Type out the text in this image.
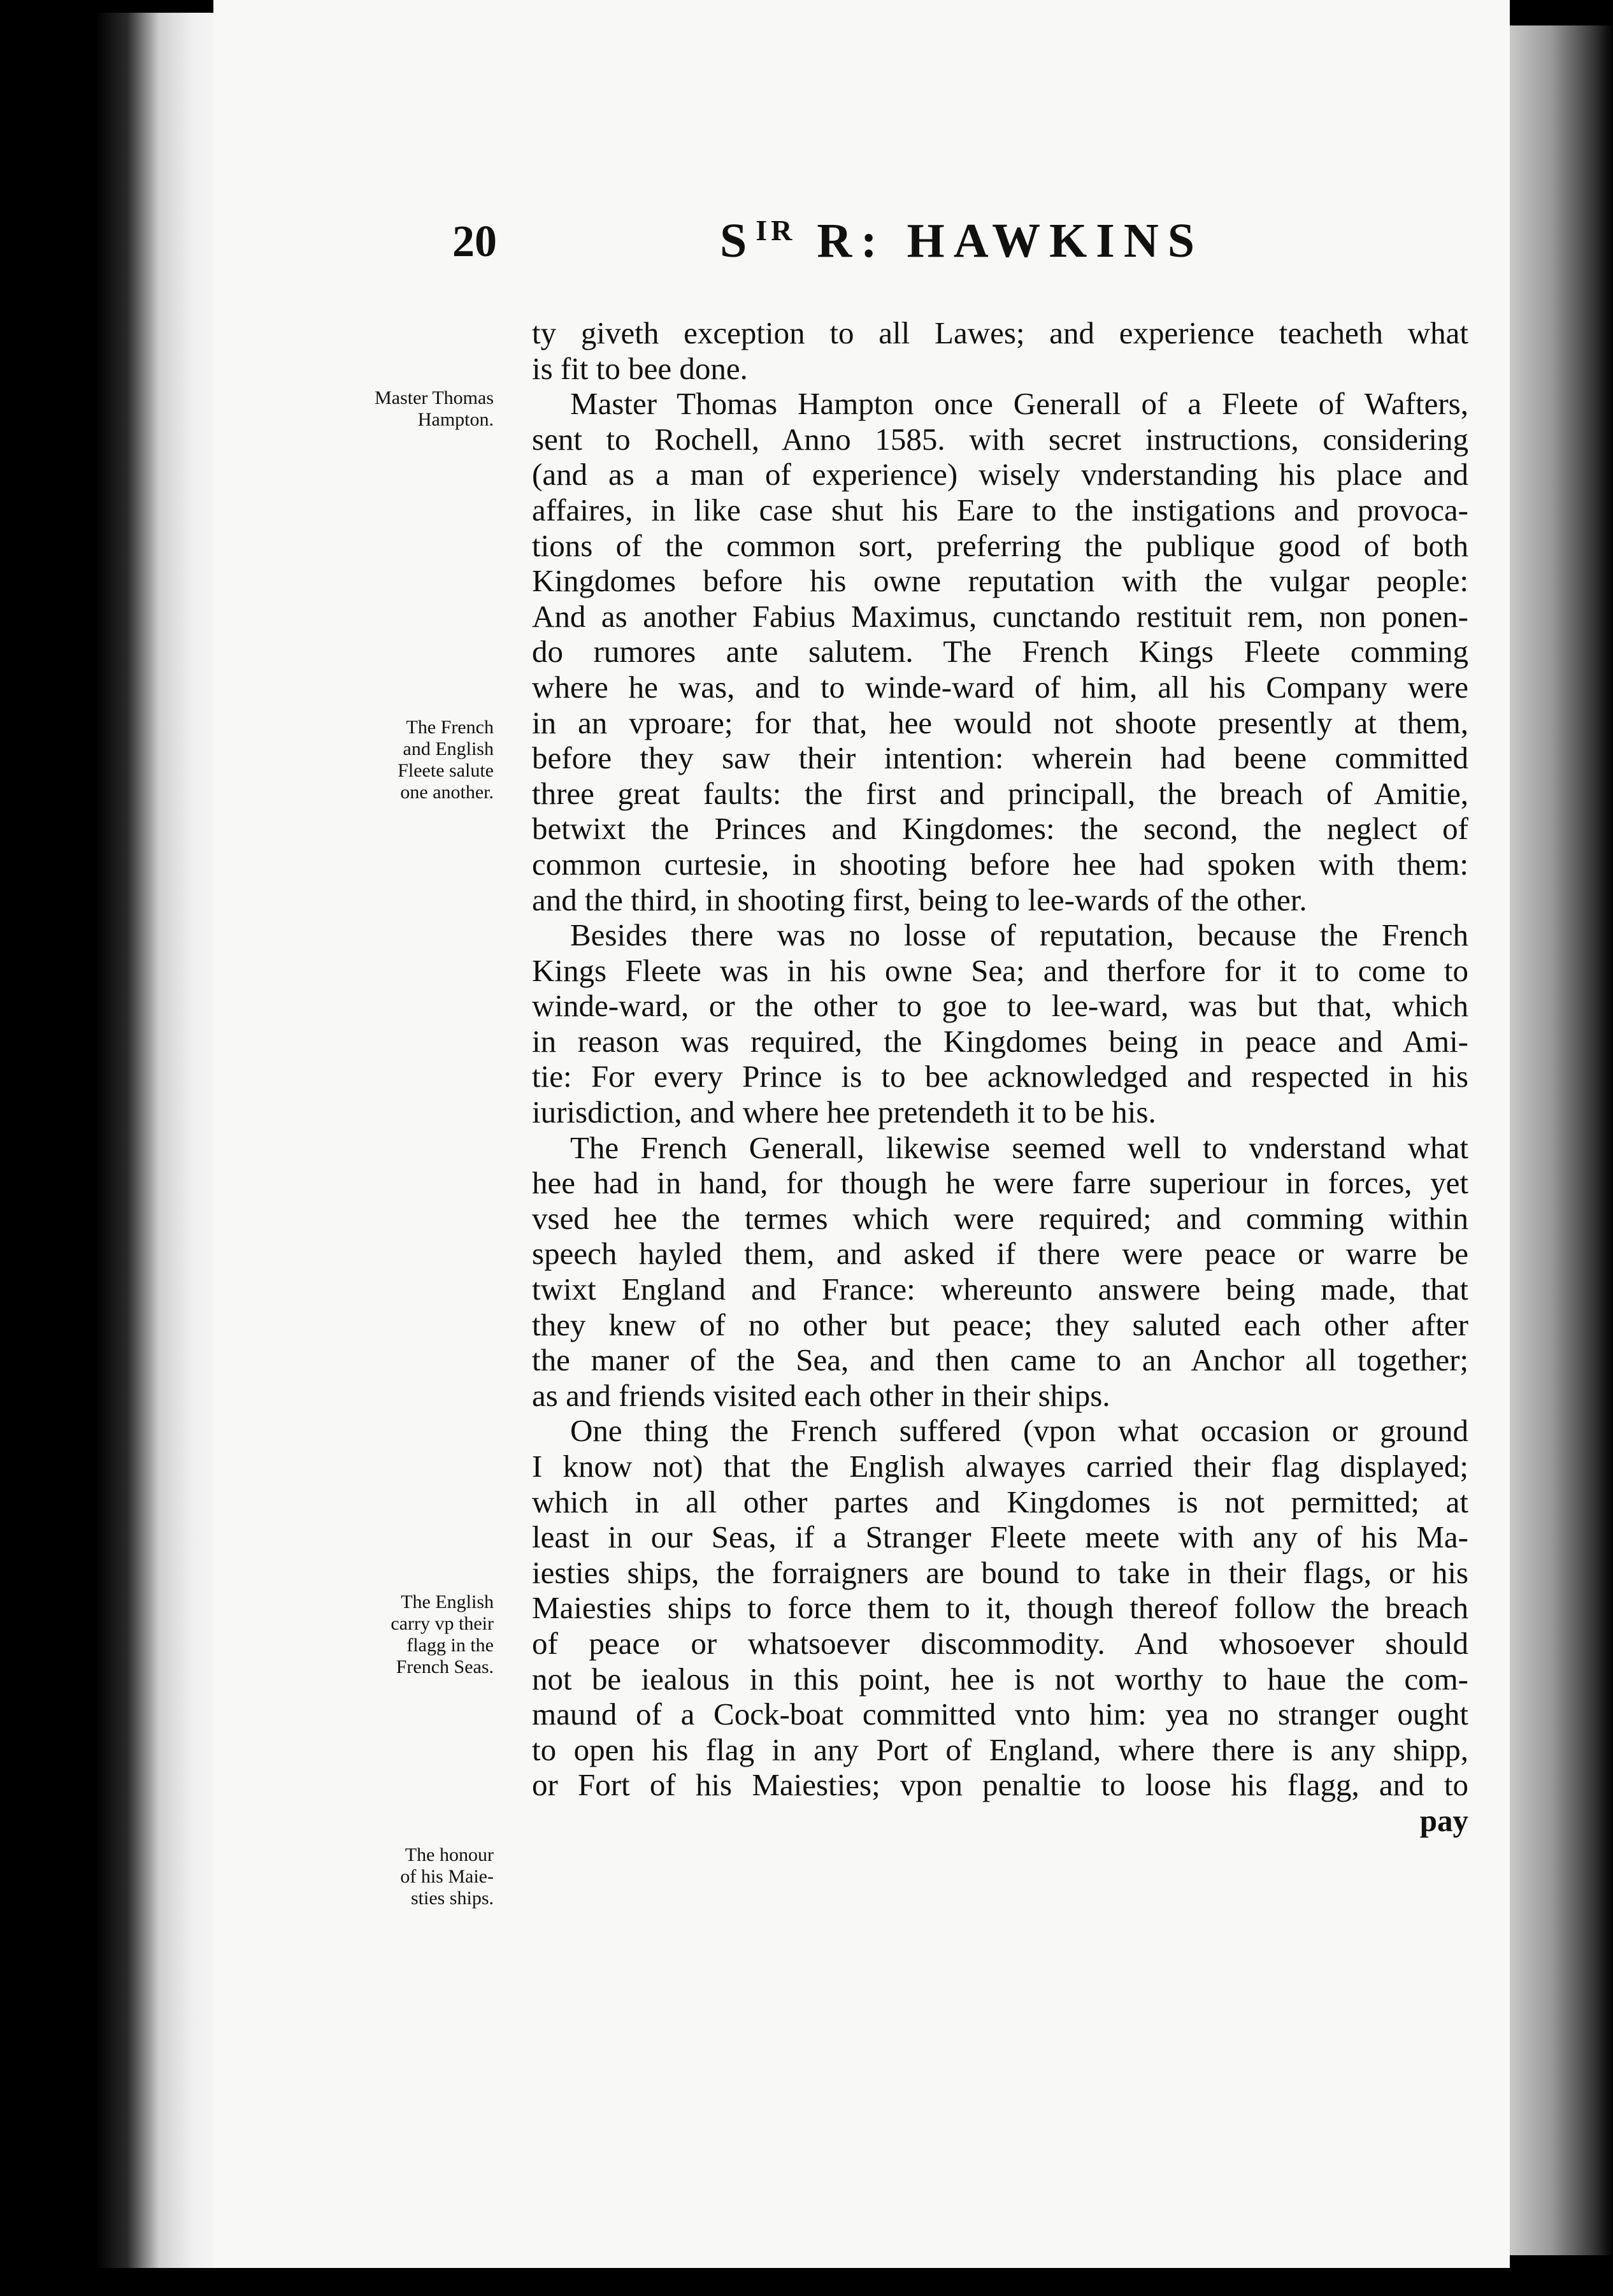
20	$S^{IR}$ R: HAWKINS
Master Thomas
Hampton.
The French
and English
Fleete salute
one another.
The English
carry vp their
flagg in the
French Seas.
The honour
of his Maie-
sties ships.
ty giveth exception to all Lawes; and experience teacheth what
is fit to bee done.
Master Thomas Hampton once Generall of a Fleete of Wafters,
sent to Rochell, Anno 1585. with secret instructions, considering
(and as a man of experience) wisely vnderstanding his place and
affaires, in like case shut his Eare to the instigations and provoca-
tions of the common sort, preferring the publique good of both
Kingdomes before his owne reputation with the vulgar people:
And as another Fabius Maximus, cunctando restituit rem, non ponen-
do rumores ante salutem. The French Kings Fleete comming
where he was, and to winde-ward of him, all his Company were
in an vproare; for that, hee would not shoote presently at them,
before they saw their intention: wherein had beene committed
three great faults: the first and principall, the breach of Amitie,
betwixt the Princes and Kingdomes: the second, the neglect of
common curtesie, in shooting before hee had spoken with them:
and the third, in shooting first, being to lee-wards of the other.
Besides there was no losse of reputation, because the French
Kings Fleete was in his owne Sea; and therfore for it to come to
winde-ward, or the other to goe to lee-ward, was but that, which
in reason was required, the Kingdomes being in peace and Ami-
tie: For every Prince is to bee acknowledged and respected in his
iurisdiction, and where hee pretendeth it to be his.
The French Generall, likewise seemed well to vnderstand what
hee had in hand, for though he were farre superiour in forces, yet
vsed hee the termes which were required; and comming within
speech hayled them, and asked if there were peace or warre be
twixt England and France: whereunto answere being made, that
they knew of no other but peace; they saluted each other after
the maner of the Sea, and then came to an Anchor all together;
as and friends visited each other in their ships.
One thing the French suffered (vpon what occasion or ground
I know not) that the English alwayes carried their flag displayed;
which in all other partes and Kingdomes is not permitted; at
least in our Seas, if a Stranger Fleete meete with any of his Ma-
iesties ships, the forraigners are bound to take in their flags, or his
Maiesties ships to force them to it, though thereof follow the breach
of peace or whatsoever discommodity. And whosoever should
not be iealous in this point, hee is not worthy to haue the com-
maund of a Cock-boat committed vnto him: yea no stranger ought
to open his flag in any Port of England, where there is any shipp,
or Fort of his Maiesties; vpon penaltie to loose his flagg, and to
pay
